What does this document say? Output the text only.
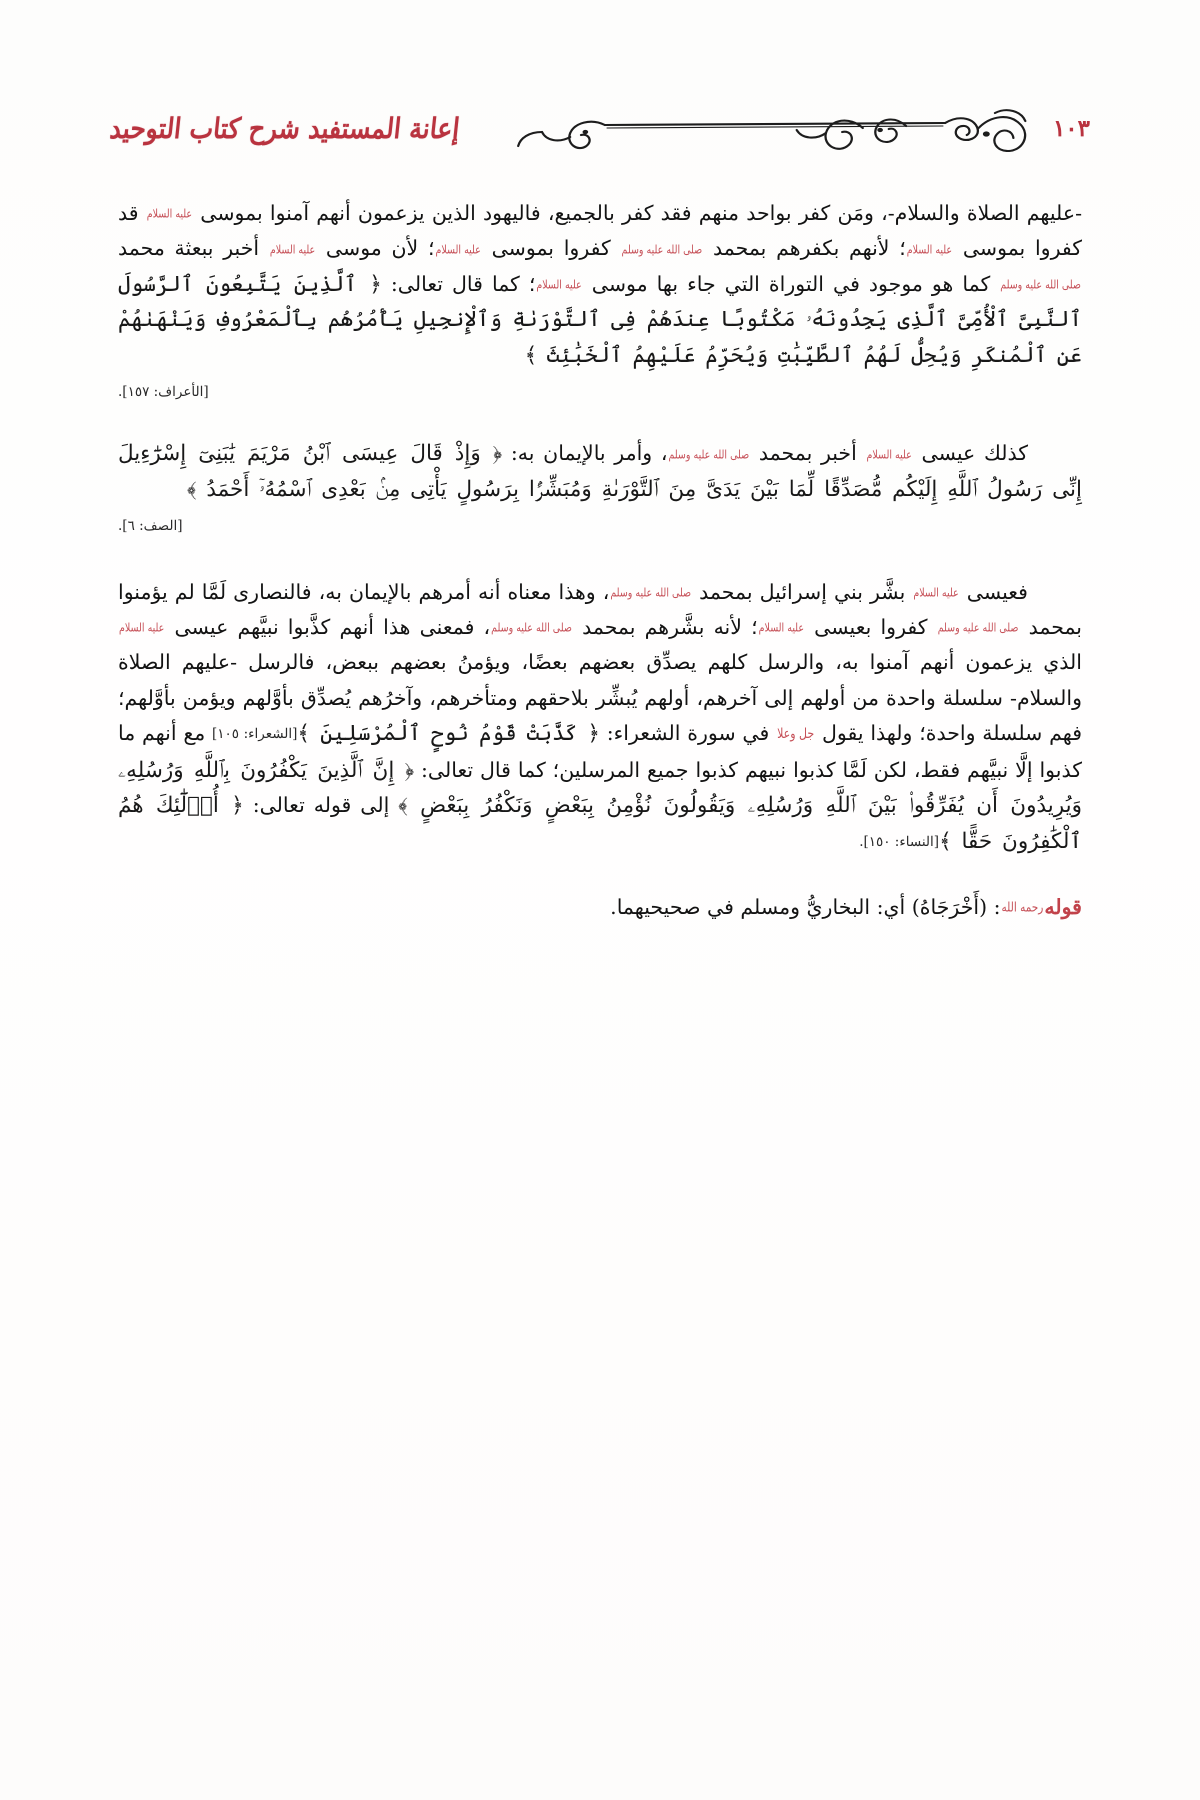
إعانة المستفيد شرح كتاب التوحيد	١٠٣

-عليهم الصلاة والسلام-، ومَن كفر بواحد منهم فقد كفر بالجميع، فاليهود الذين يزعمون أنهم آمنوا بموسى عليه السلام قد كفروا بموسى عليه السلام؛ لأنهم بكفرهم بمحمد صلى الله عليه وسلم كفروا بموسى عليه السلام؛ لأن موسى عليه السلام أخبر ببعثة محمد صلى الله عليه وسلم كما هو موجود في التوراة التي جاء بها موسى عليه السلام؛ كما قال تعالى: ﴿ ٱلَّذِينَ يَتَّبِعُونَ ٱلرَّسُولَ ٱلنَّبِىَّ ٱلْأُمِّىَّ ٱلَّذِى يَجِدُونَهُۥ مَكْتُوبًا عِندَهُمْ فِى ٱلتَّوْرَىٰةِ وَٱلْإِنجِيلِ يَأْمُرُهُم بِٱلْمَعْرُوفِ وَيَنْهَىٰهُمْ عَنِ ٱلْمُنكَرِ وَيُحِلُّ لَهُمُ ٱلطَّيِّبَٰتِ وَيُحَرِّمُ عَلَيْهِمُ ٱلْخَبَٰئِثَ ﴾
[الأعراف: ١٥٧].

كذلك عيسى عليه السلام أخبر بمحمد صلى الله عليه وسلم، وأمر بالإيمان به: ﴿ وَإِذْ قَالَ عِيسَى ٱبْنُ مَرْيَمَ يَٰبَنِىٓ إِسْرَٰٓءِيلَ إِنِّى رَسُولُ ٱللَّهِ إِلَيْكُم مُّصَدِّقًا لِّمَا بَيْنَ يَدَىَّ مِنَ ٱلتَّوْرَىٰةِ وَمُبَشِّرًۢا بِرَسُولٍ يَأْتِى مِنۢ بَعْدِى ٱسْمُهُۥٓ أَحْمَدُ ﴾
[الصف: ٦].

فعيسى عليه السلام بشَّر بني إسرائيل بمحمد صلى الله عليه وسلم، وهذا معناه أنه أمرهم بالإيمان به، فالنصارى لَمَّا لم يؤمنوا بمحمد صلى الله عليه وسلم كفروا بعيسى عليه السلام؛ لأنه بشَّرهم بمحمد صلى الله عليه وسلم، فمعنى هذا أنهم كذَّبوا نبيَّهم عيسى عليه السلام الذي يزعمون أنهم آمنوا به، والرسل كلهم يصدِّق بعضهم بعضًا، ويؤمنُ بعضهم ببعض، فالرسل -عليهم الصلاة والسلام- سلسلة واحدة من أولهم إلى آخرهم، أولهم يُبشِّر بلاحقهم ومتأخرهم، وآخرُهم يُصدِّق بأوَّلهم ويؤمن بأوَّلهم؛ فهم سلسلة واحدة؛ ولهذا يقول جل وعلا في سورة الشعراء: ﴿ كَذَّبَتْ قَوْمُ نُوحٍ ٱلْمُرْسَلِينَ ﴾[الشعراء: ١٠٥] مع أنهم ما كذبوا إلَّا نبيَّهم فقط، لكن لَمَّا كذبوا نبيهم كذبوا جميع المرسلين؛ كما قال تعالى: ﴿ إِنَّ ٱلَّذِينَ يَكْفُرُونَ بِٱللَّهِ وَرُسُلِهِۦ وَيُرِيدُونَ أَن يُفَرِّقُوا۟ بَيْنَ ٱللَّهِ وَرُسُلِهِۦ وَيَقُولُونَ نُؤْمِنُ بِبَعْضٍ وَنَكْفُرُ بِبَعْضٍ ﴾ إلى قوله تعالى: ﴿ أُو۟لَٰٓئِكَ هُمُ ٱلْكَٰفِرُونَ حَقًّا ﴾[النساء: ١٥٠].

قولهرحمه الله: (أَخْرَجَاهُ) أي: البخاريُّ ومسلم في صحيحيهما.
